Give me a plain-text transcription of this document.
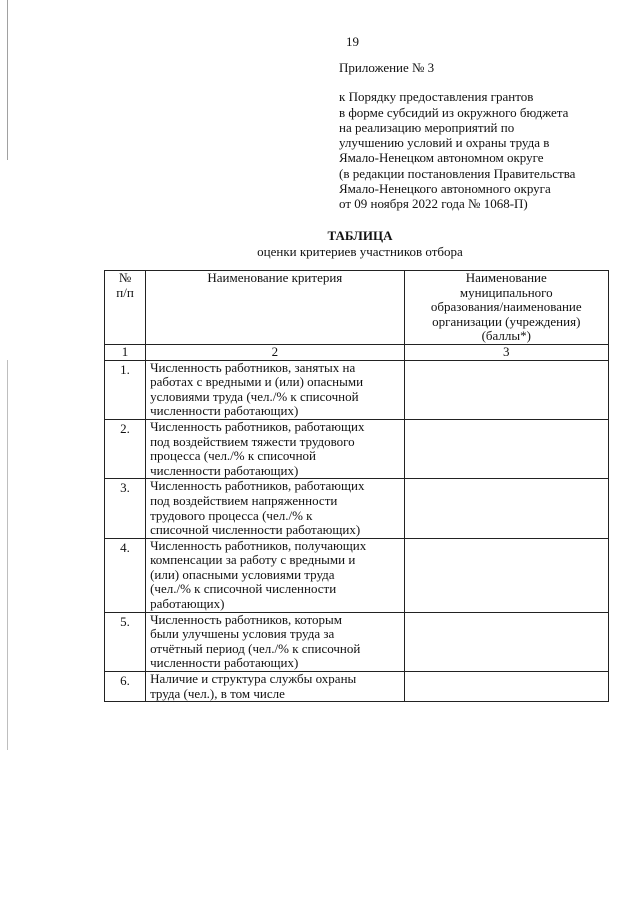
19
Приложение № 3
к Порядку предоставления грантов
в форме субсидий из окружного бюджета
на реализацию мероприятий по
улучшению условий и охраны труда в
Ямало-Ненецком автономном округе
(в редакции постановления Правительства
Ямало-Ненецкого автономного округа
от 09 ноября 2022 года № 1068-П)
ТАБЛИЦА
оценки критериев участников отбора
№
п/п	Наименование критерия	Наименование
муниципального
образования/наименование
организации (учреждения)
(баллы*)

1	2	3
1.	Численность работников, занятых на
работах с вредными и (или) опасными
условиями труда (чел./% к списочной
численности работающих)	

2.	Численность работников, работающих
под воздействием тяжести трудового
процесса (чел./% к списочной
численности работающих)	

3.	Численность работников, работающих
под воздействием напряженности
трудового процесса (чел./% к
списочной численности работающих)	

4.	Численность работников, получающих
компенсации за работу с вредными и
(или) опасными условиями труда
(чел./% к списочной численности
работающих)	

5.	Численность работников, которым
были улучшены условия труда за
отчётный период (чел./% к списочной
численности работающих)	

6.	Наличие и структура службы охраны
труда (чел.), в том числе	
